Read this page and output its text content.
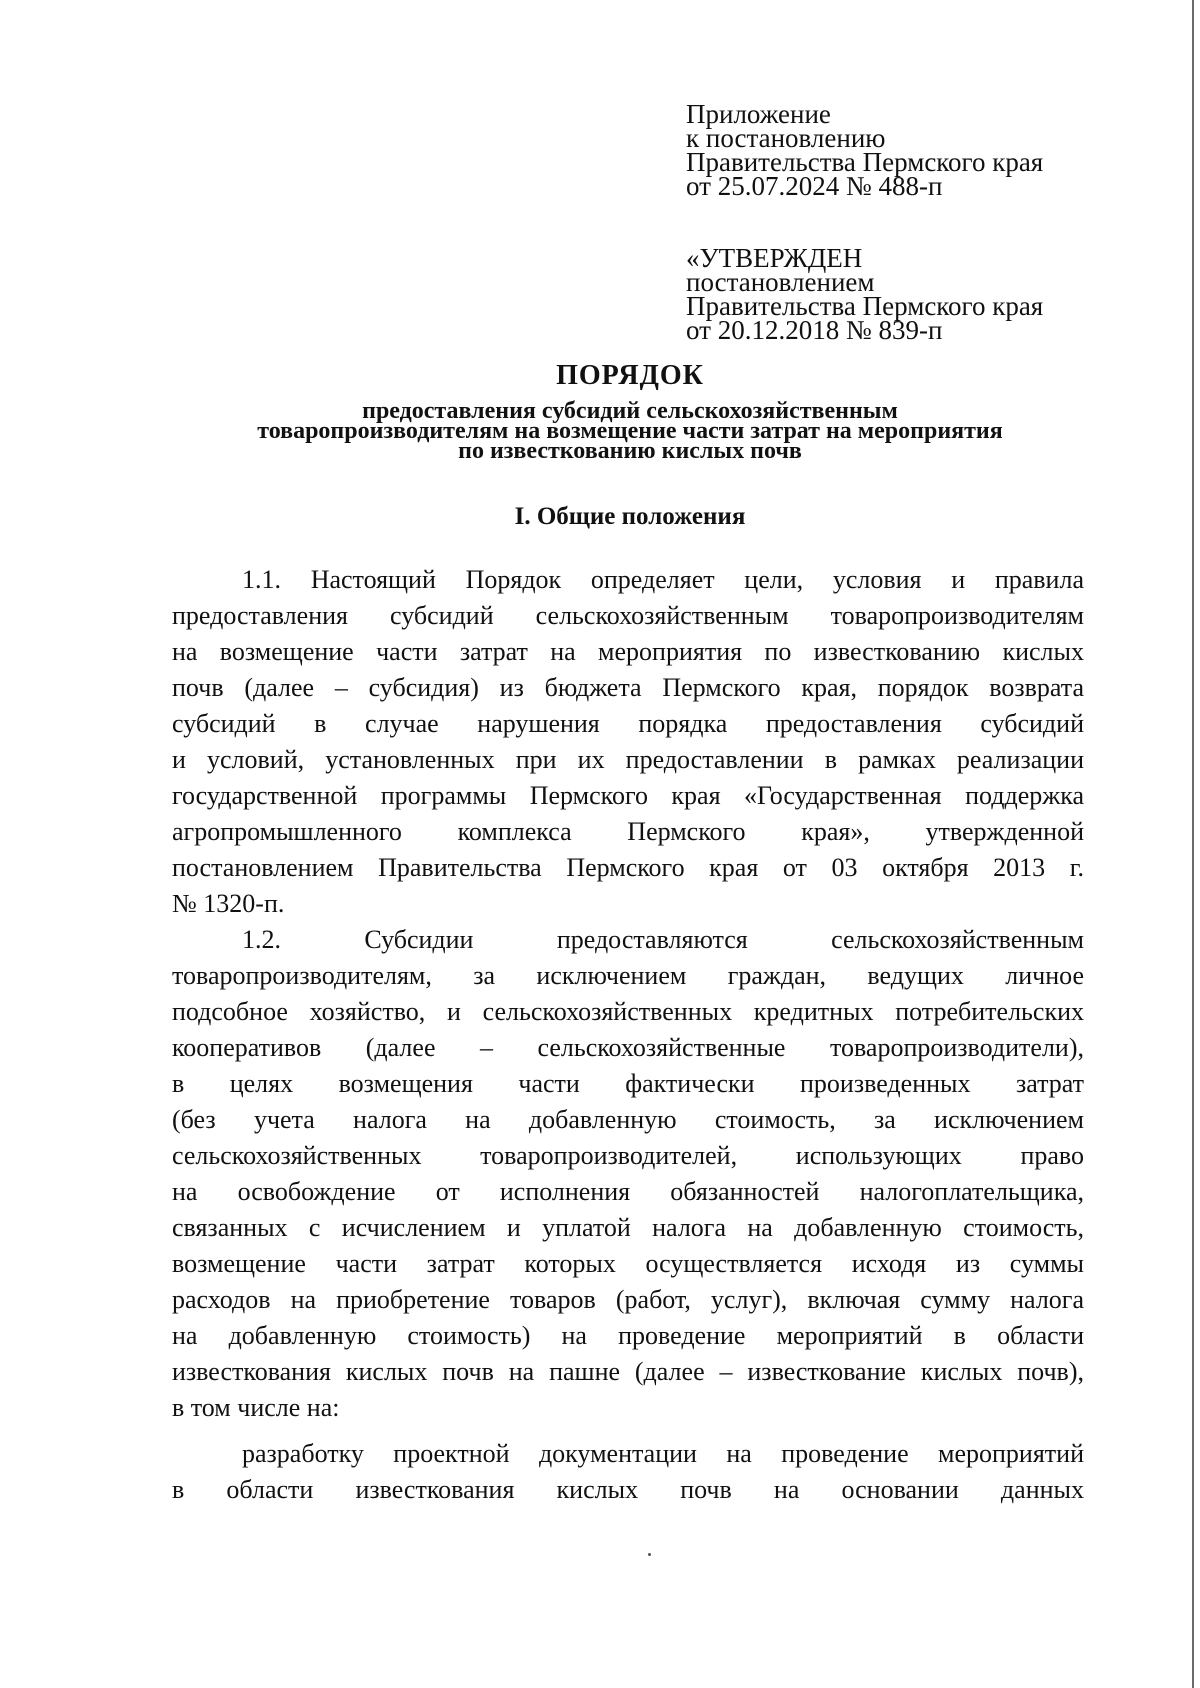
Приложение
к постановлению
Правительства Пермского края
от 25.07.2024 № 488-п
«УТВЕРЖДЕН
постановлением
Правительства Пермского края
от 20.12.2018 № 839-п
ПОРЯДОК
предоставления субсидий сельскохозяйственным
товаропроизводителям на возмещение части затрат на мероприятия
по известкованию кислых почв
I. Общие положения
1.1. Настоящий Порядок определяет цели, условия и правила
предоставления субсидий сельскохозяйственным товаропроизводителям
на возмещение части затрат на мероприятия по известкованию кислых
почв (далее – субсидия) из бюджета Пермского края, порядок возврата
субсидий в случае нарушения порядка предоставления субсидий
и условий, установленных при их предоставлении в рамках реализации
государственной программы Пермского края «Государственная поддержка
агропромышленного комплекса Пермского края», утвержденной
постановлением Правительства Пермского края от 03 октября 2013 г.
№ 1320-п.
1.2. Субсидии предоставляются сельскохозяйственным
товаропроизводителям, за исключением граждан, ведущих личное
подсобное хозяйство, и сельскохозяйственных кредитных потребительских
кооперативов (далее – сельскохозяйственные товаропроизводители),
в целях возмещения части фактически произведенных затрат
(без учета налога на добавленную стоимость, за исключением
сельскохозяйственных товаропроизводителей, использующих право
на освобождение от исполнения обязанностей налогоплательщика,
связанных с исчислением и уплатой налога на добавленную стоимость,
возмещение части затрат которых осуществляется исходя из суммы
расходов на приобретение товаров (работ, услуг), включая сумму налога
на добавленную стоимость) на проведение мероприятий в области
известкования кислых почв на пашне (далее – известкование кислых почв),
в том числе на:
разработку проектной документации на проведение мероприятий
в области известкования кислых почв на основании данных
